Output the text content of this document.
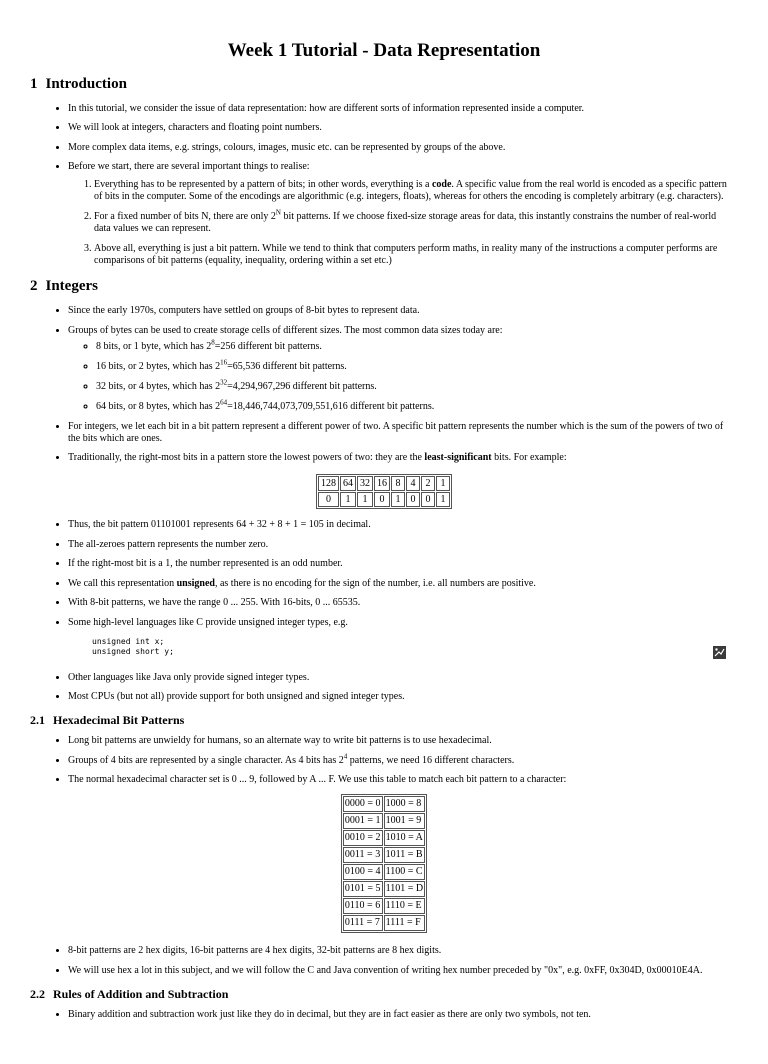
Week 1 Tutorial - Data Representation
1 Introduction
• In this tutorial, we consider the issue of data representation: how are different sorts of information represented inside a computer.
• We will look at integers, characters and floating point numbers.
• More complex data items, e.g. strings, colours, images, music etc. can be represented by groups of the above.
• Before we start, there are several important things to realise:
1. Everything has to be represented by a pattern of bits; in other words, everything is a code. A specific value from the real world is encoded as a specific pattern of bits in the computer. Some of the encodings are algorithmic (e.g. integers, floats), whereas for others the encoding is completely arbitrary (e.g. characters).
2. For a fixed number of bits N, there are only $2^N$ bit patterns. If we choose fixed-size storage areas for data, this instantly constrains the number of real-world data values we can represent.
3. Above all, everything is just a bit pattern. While we tend to think that computers perform maths, in reality many of the instructions a computer performs are comparisons of bit patterns (equality, inequality, ordering within a set etc.)
2 Integers
• Since the early 1970s, computers have settled on groups of 8-bit bytes to represent data.
• Groups of bytes can be used to create storage cells of different sizes. The most common data sizes today are:
◦ 8 bits, or 1 byte, which has $2^8=256$ different bit patterns.
◦ 16 bits, or 2 bytes, which has $2^{16}=65,536$ different bit patterns.
◦ 32 bits, or 4 bytes, which has $2^{32}=4,294,967,296$ different bit patterns.
◦ 64 bits, or 8 bytes, which has $2^{64}=18,446,744,073,709,551,616$ different bit patterns.
• For integers, we let each bit in a bit pattern represent a different power of two. A specific bit pattern represents the number which is the sum of the powers of two of the bits which are ones.
• Traditionally, the right-most bits in a pattern store the lowest powers of two: they are the least-significant bits. For example:
128	64	32	16	8	4	2	1
0	1	1	0	1	0	0	1
• Thus, the bit pattern 01101001 represents 64 + 32 + 8 + 1 = 105 in decimal.
• The all-zeroes pattern represents the number zero.
• If the right-most bit is a 1, the number represented is an odd number.
• We call this representation unsigned, as there is no encoding for the sign of the number, i.e. all numbers are positive.
• With 8-bit patterns, we have the range 0 ... 255. With 16-bits, 0 ... 65535.
• Some high-level languages like C provide unsigned integer types, e.g.
unsigned int x;
unsigned short y;
• Other languages like Java only provide signed integer types.
• Most CPUs (but not all) provide support for both unsigned and signed integer types.
2.1 Hexadecimal Bit Patterns
• Long bit patterns are unwieldy for humans, so an alternate way to write bit patterns is to use hexadecimal.
• Groups of 4 bits are represented by a single character. As 4 bits has $2^4$ patterns, we need 16 different characters.
• The normal hexadecimal character set is 0 ... 9, followed by A ... F. We use this table to match each bit pattern to a character:
0000 = 0	1000 = 8
0001 = 1	1001 = 9
0010 = 2	1010 = A
0011 = 3	1011 = B
0100 = 4	1100 = C
0101 = 5	1101 = D
0110 = 6	1110 = E
0111 = 7	1111 = F
• 8-bit patterns are 2 hex digits, 16-bit patterns are 4 hex digits, 32-bit patterns are 8 hex digits.
• We will use hex a lot in this subject, and we will follow the C and Java convention of writing hex number preceded by "0x", e.g. 0xFF, 0x304D, 0x00010E4A.
2.2 Rules of Addition and Subtraction
• Binary addition and subtraction work just like they do in decimal, but they are in fact easier as there are only two symbols, not ten.
